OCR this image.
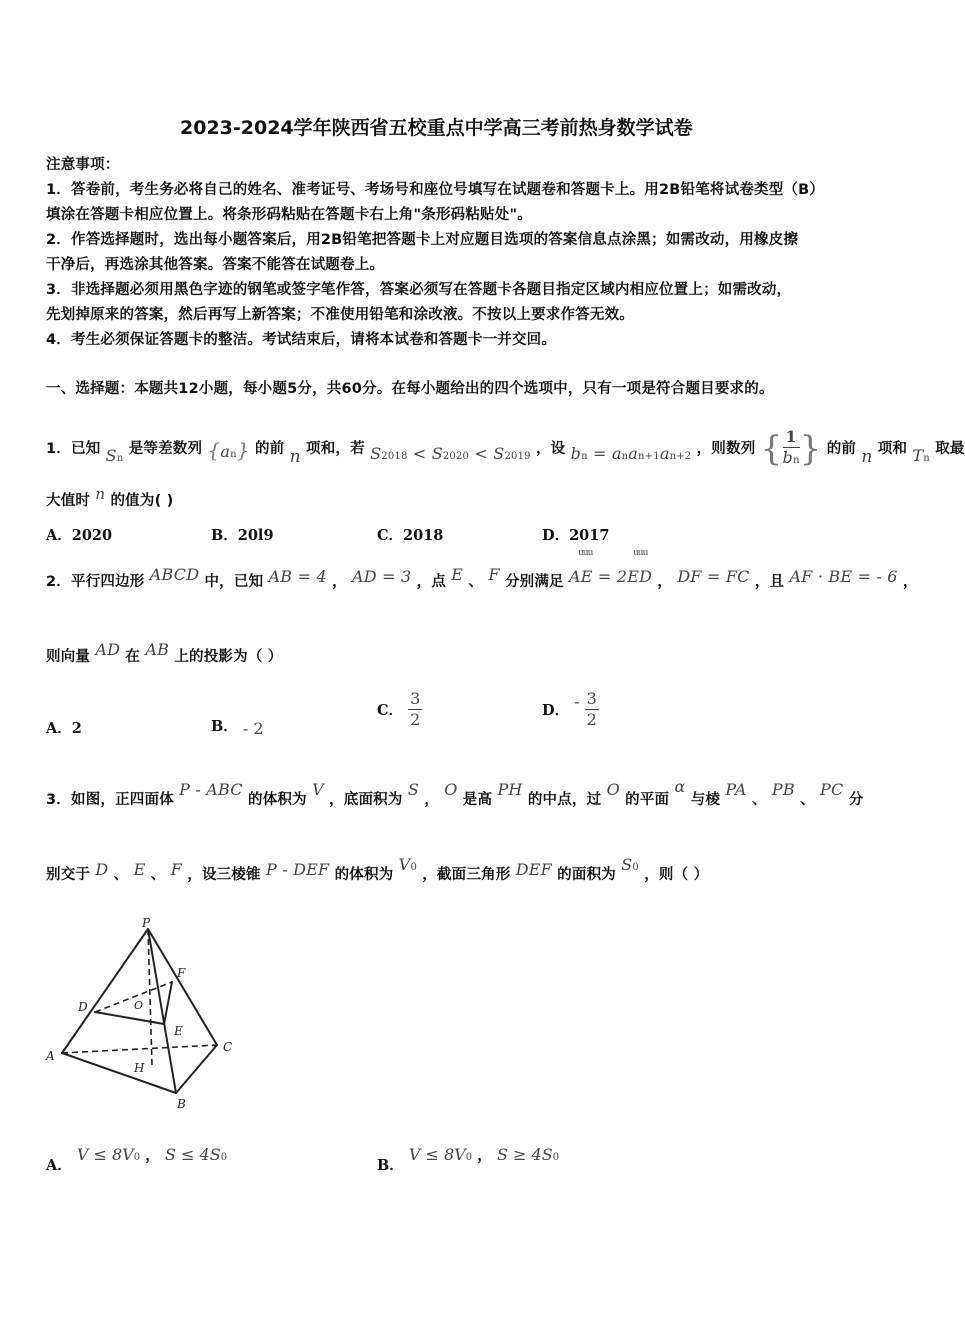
2023-2024学年陕西省五校重点中学高三考前热身数学试卷
注意事项：
1．答卷前，考生务必将自己的姓名、准考证号、考场号和座位号填写在试题卷和答题卡上。用2B铅笔将试卷类型（B）
填涂在答题卡相应位置上。将条形码粘贴在答题卡右上角"条形码粘贴处"。
2．作答选择题时，选出每小题答案后，用2B铅笔把答题卡上对应题目选项的答案信息点涂黑；如需改动，用橡皮擦
干净后，再选涂其他答案。答案不能答在试题卷上。
3．非选择题必须用黑色字迹的钢笔或签字笔作答，答案必须写在答题卡各题目指定区域内相应位置上；如需改动，
先划掉原来的答案，然后再写上新答案；不准使用铅笔和涂改液。不按以上要求作答无效。
4．考生必须保证答题卡的整洁。考试结束后，请将本试卷和答题卡一并交回。
一、选择题：本题共12小题，每小题5分，共60分。在每小题给出的四个选项中，只有一项是符合题目要求的。
1．已知 Sn 是等差数列 {an} 的前 n 项和，若 S2018 < S2020 < S2019 ，设 bn = anan+1an+2 ，则数列 { $\frac{1}{bn}$ } 的前 n 项和 Tn 取最
大值时 n 的值为( )
A．2020	B．20l9	C．2018	D．2017
uuu	uuu
2．平行四边形 ABCD 中，已知 AB = 4 ， AD = 3 ，点 E 、 F 分别满足 AE = 2ED ， DF = FC ，且 AF · BE = - 6 ，
则向量 AD 在 AB 上的投影为（ ）
A．2	B． - 2
C． $\frac{3}{2}$	D． - $\frac{3}{2}$
3．如图，正四面体 P - ABC 的体积为 V ，底面积为 S ， O 是高 PH 的中点，过 O 的平面 α 与棱 PA 、 PB 、 PC 分
别交于 D 、 E 、 F ，设三棱锥 P - DEF 的体积为 V0 ，截面三角形 DEF 的面积为 S0 ，则（ ）
P
F
D	O
E
A
C
H
B
A． V ≤ 8V0 ， S ≤ 4S0	B． V ≤ 8V0 ， S ≥ 4S0
